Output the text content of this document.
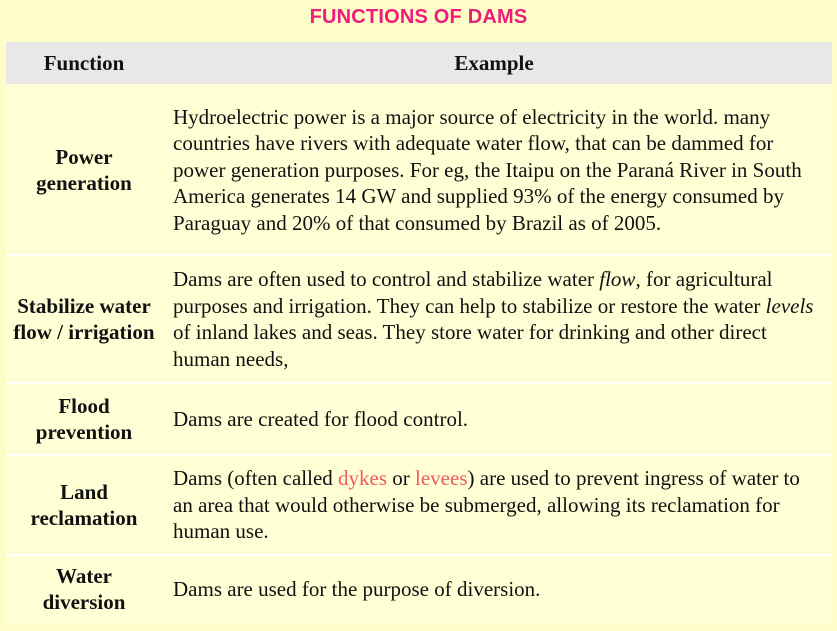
FUNCTIONS OF DAMS
Function	Example
Power generation
Hydroelectric power is a major source of electricity in the world. many countries have rivers with adequate water flow, that can be dammed for power generation purposes. For eg, the Itaipu on the Paraná River in South America generates 14 GW and supplied 93% of the energy consumed by Paraguay and 20% of that consumed by Brazil as of 2005.
Stabilize water flow / irrigation
Dams are often used to control and stabilize water flow, for agricultural purposes and irrigation. They can help to stabilize or restore the water levels of inland lakes and seas. They store water for drinking and other direct human needs,
Flood prevention
Dams are created for flood control.
Land reclamation
Dams (often called dykes or levees) are used to prevent ingress of water to an area that would otherwise be submerged, allowing its reclamation for human use.
Water diversion
Dams are used for the purpose of diversion.
